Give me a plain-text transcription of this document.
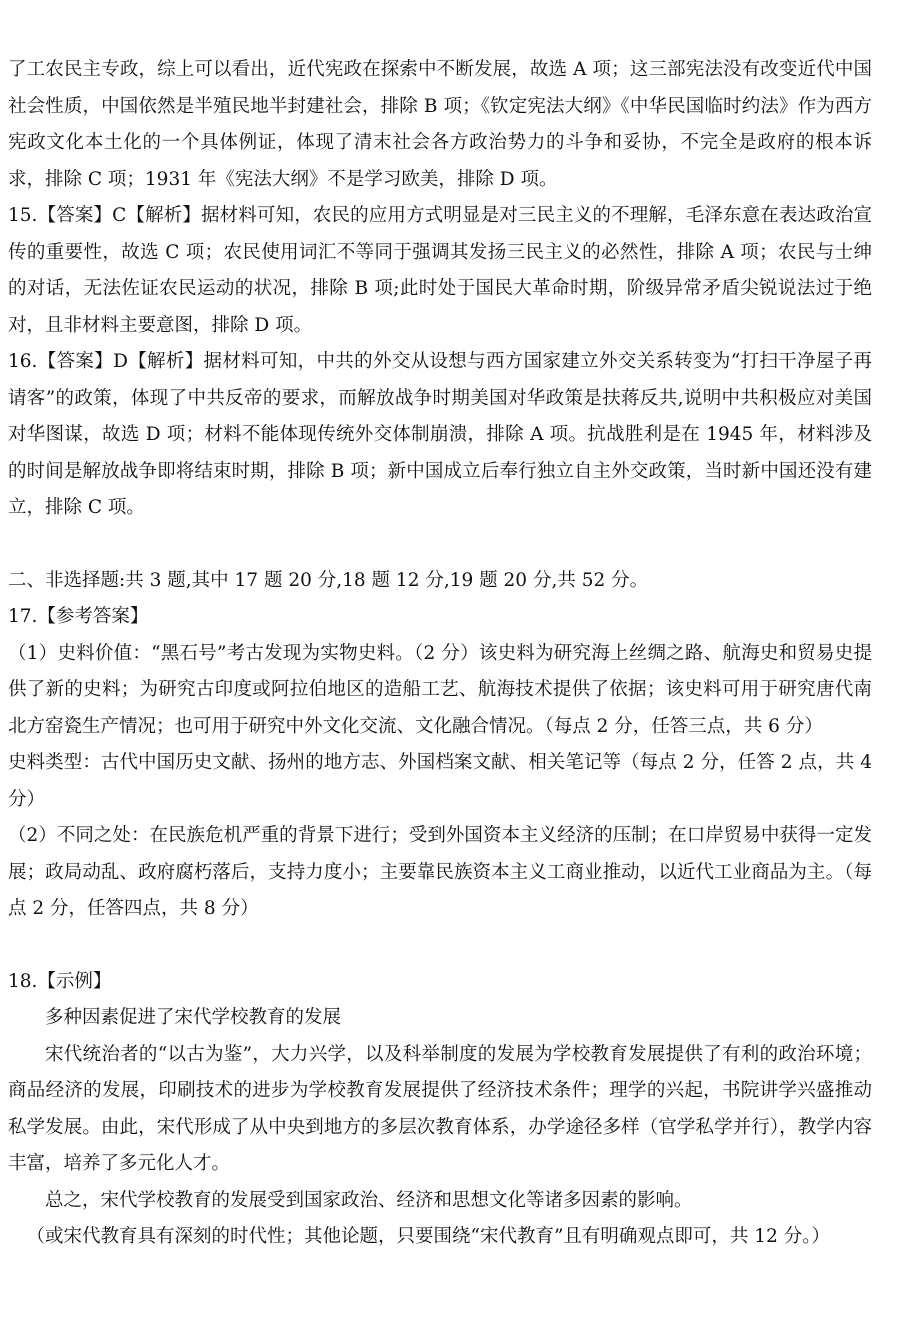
了工农民主专政，综上可以看出，近代宪政在探索中不断发展，故选 A 项；这三部宪法没有改变近代中国社会性质，中国依然是半殖民地半封建社会，排除 B 项；《钦定宪法大纲》《中华民国临时约法》作为西方宪政文化本土化的一个具体例证，体现了清末社会各方政治势力的斗争和妥协，不完全是政府的根本诉求，排除 C 项；1931 年《宪法大纲》不是学习欧美，排除 D 项。

15.【答案】C【解析】据材料可知，农民的应用方式明显是对三民主义的不理解，毛泽东意在表达政治宣传的重要性，故选 C 项；农民使用词汇不等同于强调其发扬三民主义的必然性，排除 A 项；农民与士绅的对话，无法佐证农民运动的状况，排除 B 项;此时处于国民大革命时期，阶级异常矛盾尖锐说法过于绝对，且非材料主要意图，排除 D 项。

16.【答案】D【解析】据材料可知，中共的外交从设想与西方国家建立外交关系转变为“打扫干净屋子再请客”的政策，体现了中共反帝的要求，而解放战争时期美国对华政策是扶蒋反共,说明中共积极应对美国对华图谋，故选 D 项；材料不能体现传统外交体制崩溃，排除 A 项。抗战胜利是在 1945 年，材料涉及的时间是解放战争即将结束时期，排除 B 项；新中国成立后奉行独立自主外交政策，当时新中国还没有建立，排除 C 项。

二、非选择题:共 3 题,其中 17 题 20 分,18 题 12 分,19 题 20 分,共 52 分。

17.【参考答案】

（1）史料价值：“黑石号”考古发现为实物史料。（2 分）该史料为研究海上丝绸之路、航海史和贸易史提供了新的史料；为研究古印度或阿拉伯地区的造船工艺、航海技术提供了依据；该史料可用于研究唐代南北方窑瓷生产情况；也可用于研究中外文化交流、文化融合情况。（每点 2 分，任答三点，共 6 分）

史料类型：古代中国历史文献、扬州的地方志、外国档案文献、相关笔记等（每点 2 分，任答 2 点，共 4 分）

（2）不同之处：在民族危机严重的背景下进行；受到外国资本主义经济的压制；在口岸贸易中获得一定发展；政局动乱、政府腐朽落后，支持力度小；主要靠民族资本主义工商业推动，以近代工业商品为主。（每点 2 分，任答四点，共 8 分）

18.【示例】

多种因素促进了宋代学校教育的发展

宋代统治者的“以古为鉴”，大力兴学，以及科举制度的发展为学校教育发展提供了有利的政治环境；商品经济的发展，印刷技术的进步为学校教育发展提供了经济技术条件；理学的兴起，书院讲学兴盛推动私学发展。由此，宋代形成了从中央到地方的多层次教育体系，办学途径多样（官学私学并行），教学内容丰富，培养了多元化人才。

总之，宋代学校教育的发展受到国家政治、经济和思想文化等诸多因素的影响。

（或宋代教育具有深刻的时代性；其他论题，只要围绕“宋代教育”且有明确观点即可，共 12 分。）
